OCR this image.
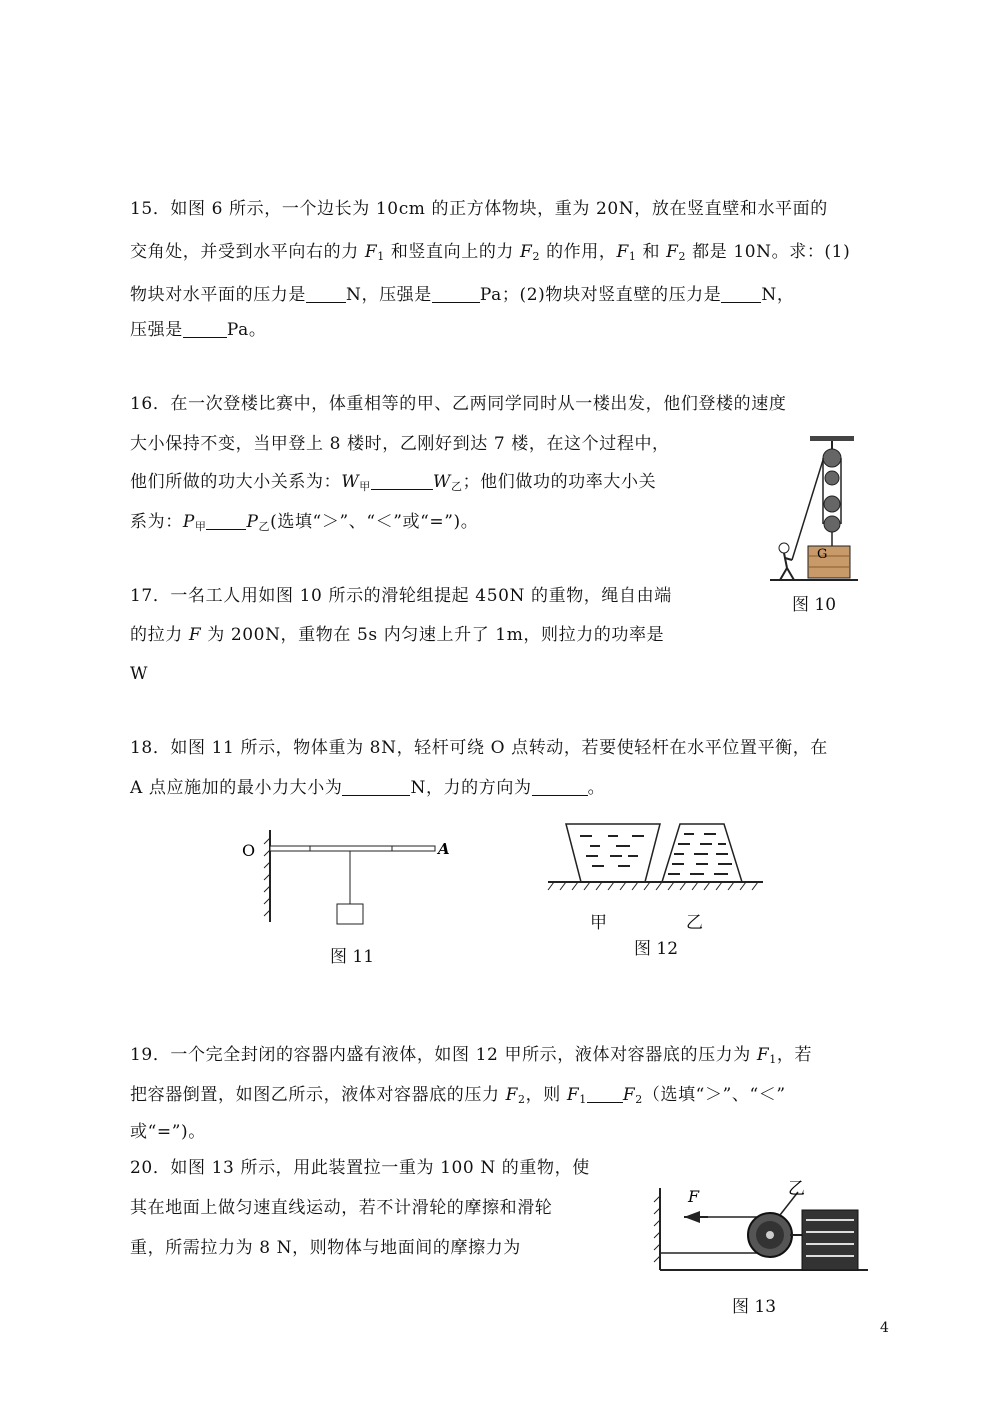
15．如图 6 所示，一个边长为 10cm 的正方体物块，重为 20N，放在竖直壁和水平面的
交角处，并受到水平向右的力 $F_1$ 和竖直向上的力 $F_2$ 的作用，$F_1$ 和 $F_2$ 都是 10N。求：(1)
物块对水平面的压力是 N，压强是	Pa；(2)物块对竖直壁的压力是 N，
压强是	Pa。
16．在一次登楼比赛中，体重相等的甲、乙两同学同时从一楼出发，他们登楼的速度
大小保持不变，当甲登上 8 楼时，乙刚好到达 7 楼，在这个过程中，
他们所做的功大小关系为：$W_甲$	$W_乙$；他们做功的功率大小关
系为：$P_甲$ $P_乙$(选填“＞”、“＜”或“=”)。
17．一名工人用如图 10 所示的滑轮组提起 450N 的重物，绳自由端
的拉力 F 为 200N，重物在 5s 内匀速上升了 1m，则拉力的功率是
W
G
图 10
18．如图 11 所示，物体重为 8N，轻杆可绕 O 点转动，若要使轻杆在水平位置平衡，在
A 点应施加的最小力大小为	N，力的方向为	。
O	A
图 11
甲	乙
图 12
19．一个完全封闭的容器内盛有液体，如图 12 甲所示，液体对容器底的压力为 $F_1$，若
把容器倒置，如图乙所示，液体对容器底的压力 $F_2$，则 $F_1$ $F_2$（选填“＞”、“＜”
或“=”)。
20．如图 13 所示，用此装置拉一重为 100 N 的重物，使
其在地面上做匀速直线运动，若不计滑轮的摩擦和滑轮
重，所需拉力为 8 N，则物体与地面间的摩擦力为
F	乙
图 13
4
